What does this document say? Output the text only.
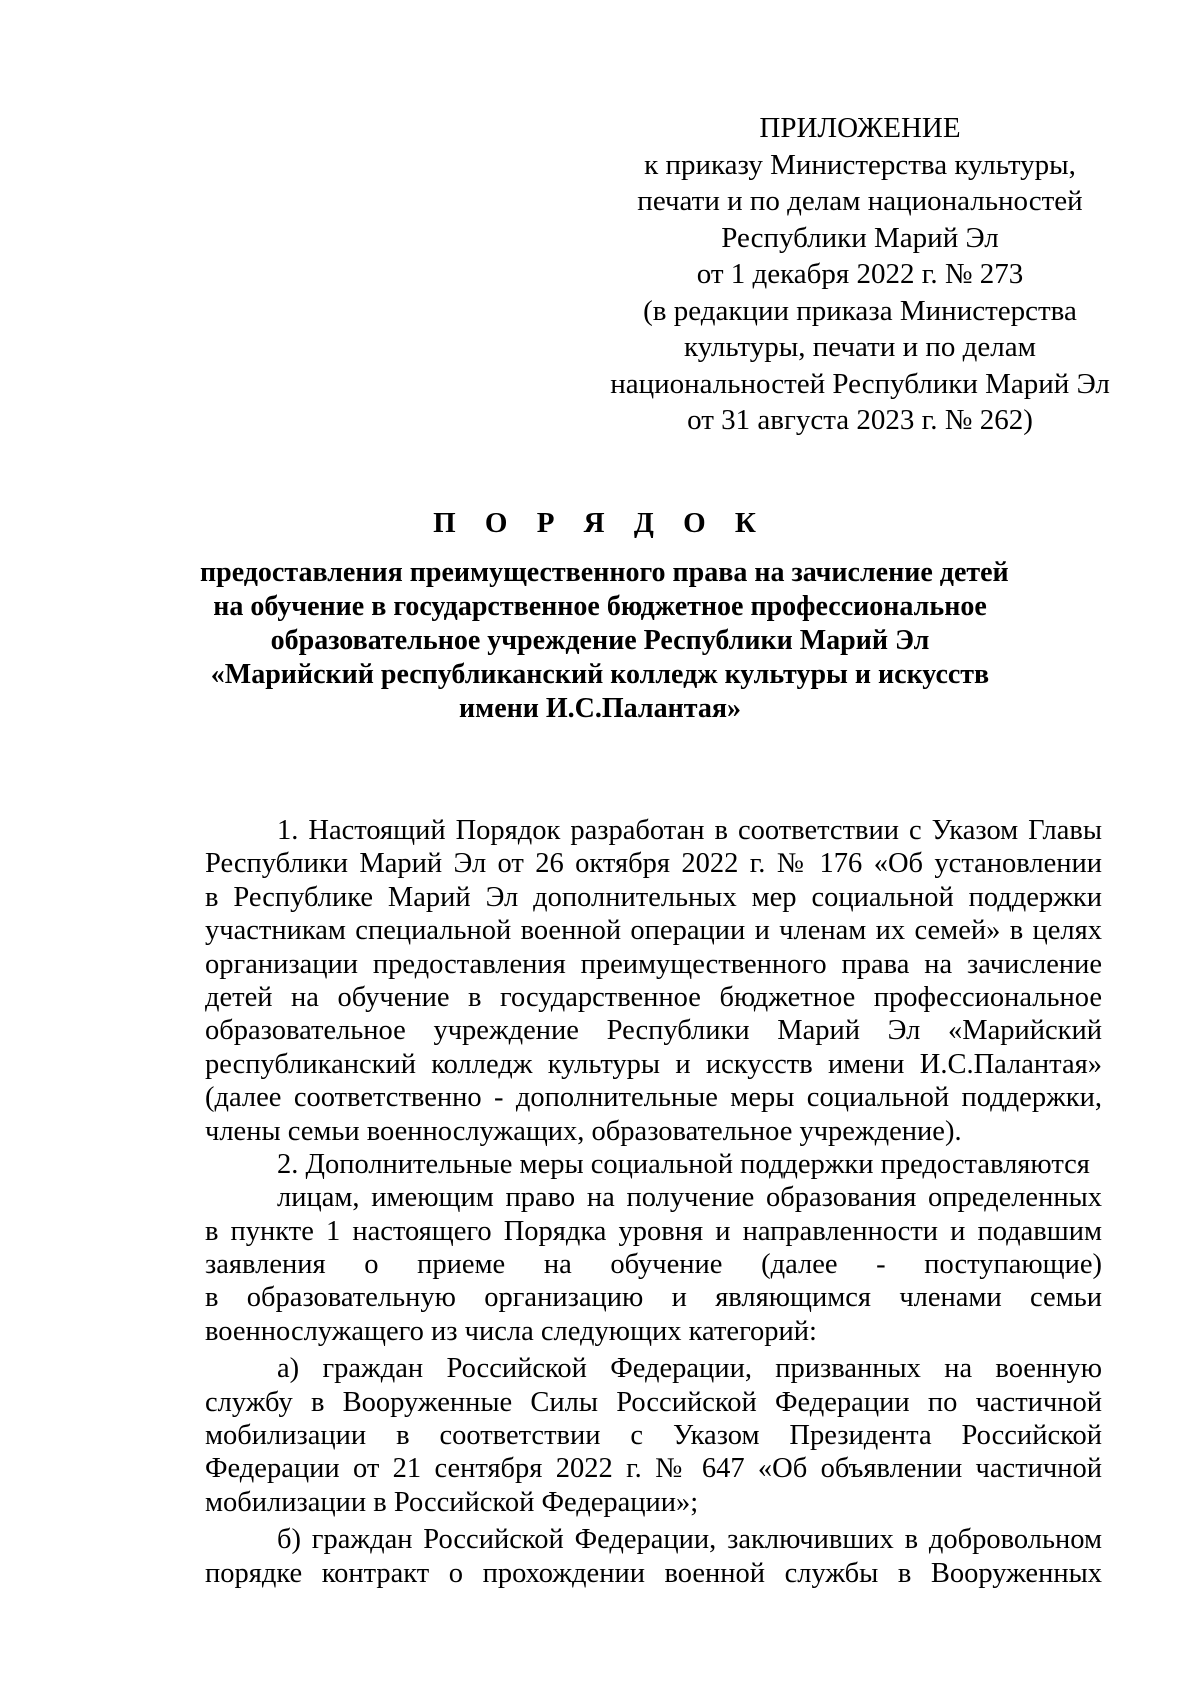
ПРИЛОЖЕНИЕ
к приказу Министерства культуры,
печати и по делам национальностей
Республики Марий Эл
от 1 декабря 2022 г. № 273
(в редакции приказа Министерства
культуры, печати и по делам
национальностей Республики Марий Эл
от 31 августа 2023 г. № 262)
П О Р Я Д О К
предоставления преимущественного права на зачисление детей
на обучение в государственное бюджетное профессиональное
образовательное учреждение Республики Марий Эл
«Марийский республиканский колледж культуры и искусств
имени И.С.Палантая»
1. Настоящий Порядок разработан в соответствии с Указом Главы
Республики Марий Эл от 26 октября 2022 г. № 176 «Об установлении
в Республике Марий Эл дополнительных мер социальной поддержки
участникам специальной военной операции и членам их семей» в целях
организации предоставления преимущественного права на зачисление
детей на обучение в государственное бюджетное профессиональное
образовательное учреждение Республики Марий Эл «Марийский
республиканский колледж культуры и искусств имени И.С.Палантая»
(далее соответственно - дополнительные меры социальной поддержки,
члены семьи военнослужащих, образовательное учреждение).
2. Дополнительные меры социальной поддержки предоставляются
лицам, имеющим право на получение образования определенных
в пункте 1 настоящего Порядка уровня и направленности и подавшим
заявления о приеме на обучение (далее - поступающие)
в образовательную организацию и являющимся членами семьи
военнослужащего из числа следующих категорий:
а) граждан Российской Федерации, призванных на военную
службу в Вооруженные Силы Российской Федерации по частичной
мобилизации в соответствии с Указом Президента Российской
Федерации от 21 сентября 2022 г. № 647 «Об объявлении частичной
мобилизации в Российской Федерации»;
б) граждан Российской Федерации, заключивших в добровольном
порядке контракт о прохождении военной службы в Вооруженных
